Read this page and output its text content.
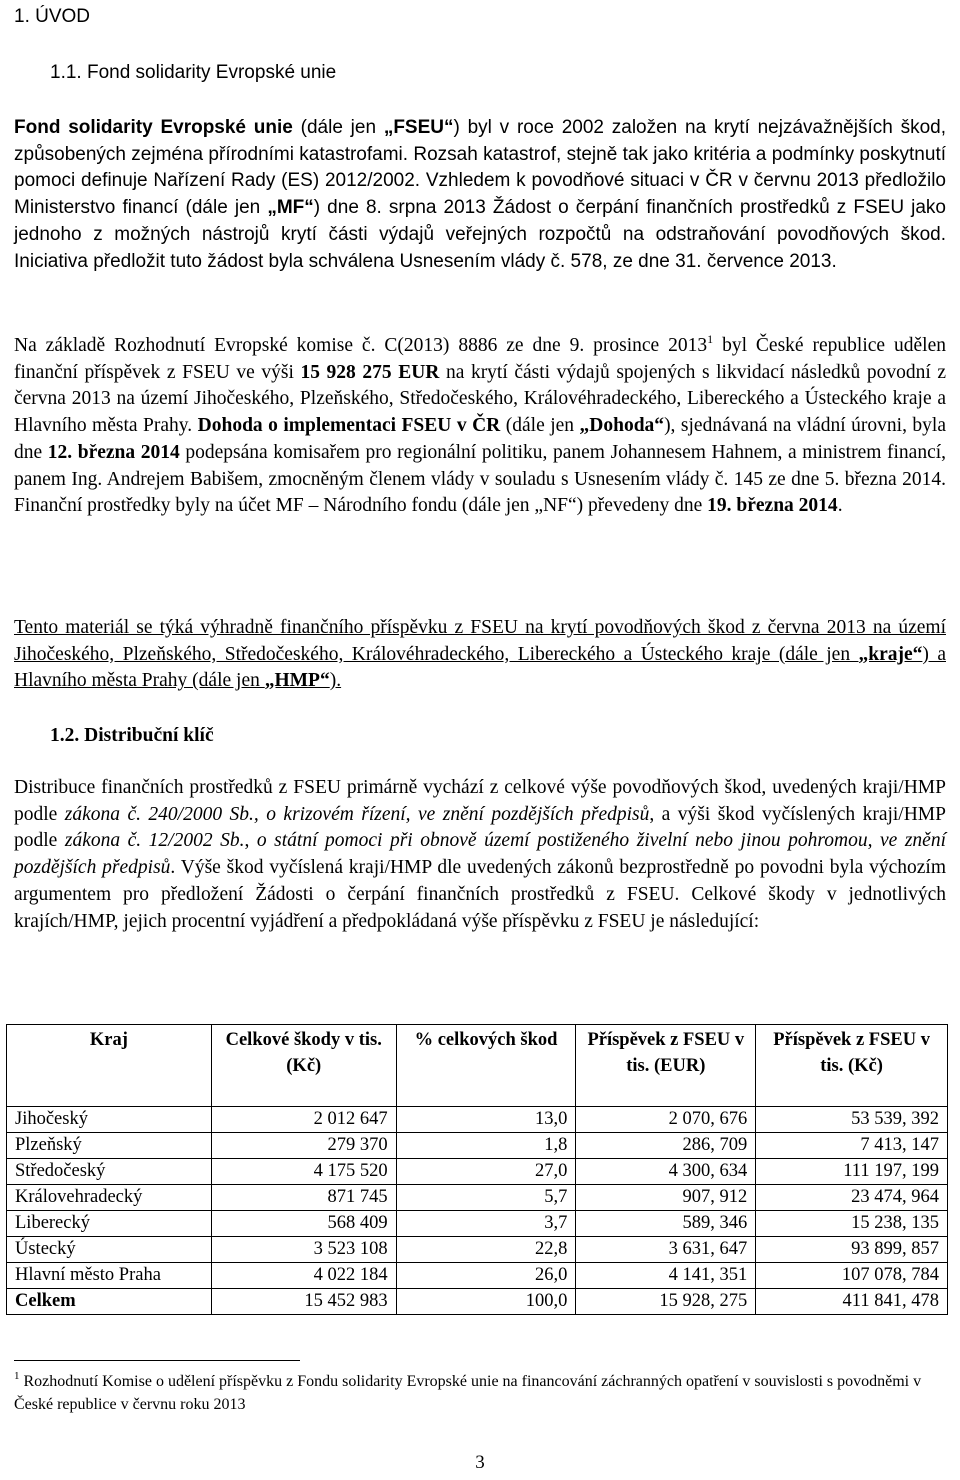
1. ÚVOD
1.1. Fond solidarity Evropské unie
Fond solidarity Evropské unie (dále jen „FSEU“) byl v roce 2002 založen na krytí nejzávažnějších škod, způsobených zejména přírodními katastrofami. Rozsah katastrof, stejně tak jako kritéria a podmínky poskytnutí pomoci definuje Nařízení Rady (ES) 2012/2002. Vzhledem k povodňové situaci v ČR v červnu 2013 předložilo Ministerstvo financí (dále jen „MF“) dne 8. srpna 2013 Žádost o čerpání finančních prostředků z FSEU jako jednoho z možných nástrojů krytí části výdajů veřejných rozpočtů na odstraňování povodňových škod. Iniciativa předložit tuto žádost byla schválena Usnesením vlády č. 578, ze dne 31. července 2013.
Na základě Rozhodnutí Evropské komise č. C(2013) 8886 ze dne 9. prosince 2013$^1$ byl České republice udělen finanční příspěvek z FSEU ve výši 15 928 275 EUR na krytí části výdajů spojených s likvidací následků povodní z června 2013 na území Jihočeského, Plzeňského, Středočeského, Královéhradeckého, Libereckého a Ústeckého kraje a Hlavního města Prahy. Dohoda o implementaci FSEU v ČR (dále jen „Dohoda“), sjednávaná na vládní úrovni, byla dne 12. března 2014 podepsána komisařem pro regionální politiku, panem Johannesem Hahnem, a ministrem financí, panem Ing. Andrejem Babišem, zmocněným členem vlády v souladu s Usnesením vlády č. 145 ze dne 5. března 2014. Finanční prostředky byly na účet MF – Národního fondu (dále jen „NF“) převedeny dne 19. března 2014.
Tento materiál se týká výhradně finančního příspěvku z FSEU na krytí povodňových škod z června 2013 na území Jihočeského, Plzeňského, Středočeského, Královéhradeckého, Libereckého a Ústeckého kraje (dále jen „kraje“) a Hlavního města Prahy (dále jen „HMP“).
1.2. Distribuční klíč
Distribuce finančních prostředků z FSEU primárně vychází z celkové výše povodňových škod, uvedených kraji/HMP podle zákona č. 240/2000 Sb., o krizovém řízení, ve znění pozdějších předpisů, a výši škod vyčíslených kraji/HMP podle zákona č. 12/2002 Sb., o státní pomoci při obnově území postiženého živelní nebo jinou pohromou, ve znění pozdějších předpisů. Výše škod vyčíslená kraji/HMP dle uvedených zákonů bezprostředně po povodni byla výchozím argumentem pro předložení Žádosti o čerpání finančních prostředků z FSEU. Celkové škody v jednotlivých krajích/HMP, jejich procentní vyjádření a předpokládaná výše příspěvku z FSEU je následující:
Kraj	Celkové škody v tis. (Kč)	% celkových škod	Příspěvek z FSEU v tis. (EUR)	Příspěvek z FSEU v tis. (Kč)
Jihočeský	2 012 647	13,0	2 070, 676	53 539, 392
Plzeňský	279 370	1,8	286, 709	7 413, 147
Středočeský	4 175 520	27,0	4 300, 634	111 197, 199
Královehradecký	871 745	5,7	907, 912	23 474, 964
Liberecký	568 409	3,7	589, 346	15 238, 135
Ústecký	3 523 108	22,8	3 631, 647	93 899, 857
Hlavní město Praha	4 022 184	26,0	4 141, 351	107 078, 784
Celkem	15 452 983	100,0	15 928, 275	411 841, 478
$^1$ Rozhodnutí Komise o udělení příspěvku z Fondu solidarity Evropské unie na financování záchranných opatření v souvislosti s povodněmi v České republice v červnu roku 2013
3
